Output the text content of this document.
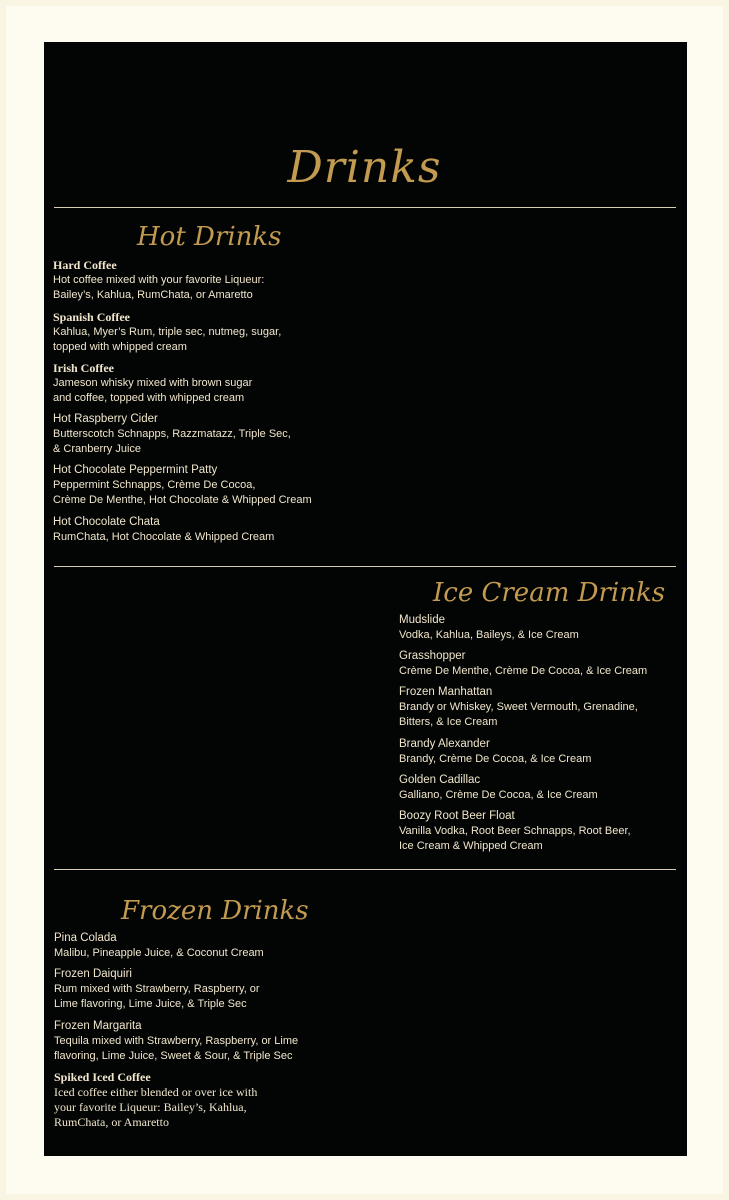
Drinks
Hot Drinks
Hard Coffee
Hot coffee mixed with your favorite Liqueur:
Bailey’s, Kahlua, RumChata, or Amaretto
Spanish Coffee
Kahlua, Myer’s Rum, triple sec, nutmeg, sugar,
topped with whipped cream
Irish Coffee
Jameson whisky mixed with brown sugar
and coffee, topped with whipped cream
Hot Raspberry Cider
Butterscotch Schnapps, Razzmatazz, Triple Sec,
& Cranberry Juice
Hot Chocolate Peppermint Patty
Peppermint Schnapps, Crème De Cocoa,
Crème De Menthe, Hot Chocolate & Whipped Cream
Hot Chocolate Chata
RumChata, Hot Chocolate & Whipped Cream
Ice Cream Drinks
Mudslide
Vodka, Kahlua, Baileys, & Ice Cream
Grasshopper
Crème De Menthe, Crème De Cocoa, & Ice Cream
Frozen Manhattan
Brandy or Whiskey, Sweet Vermouth, Grenadine,
Bitters, & Ice Cream
Brandy Alexander
Brandy, Crème De Cocoa, & Ice Cream
Golden Cadillac
Galliano, Crème De Cocoa, & Ice Cream
Boozy Root Beer Float
Vanilla Vodka, Root Beer Schnapps, Root Beer,
Ice Cream & Whipped Cream
Frozen Drinks
Pina Colada
Malibu, Pineapple Juice, & Coconut Cream
Frozen Daiquiri
Rum mixed with Strawberry, Raspberry, or
Lime flavoring, Lime Juice, & Triple Sec
Frozen Margarita
Tequila mixed with Strawberry, Raspberry, or Lime
flavoring, Lime Juice, Sweet & Sour, & Triple Sec
Spiked Iced Coffee
Iced coffee either blended or over ice with
your favorite Liqueur: Bailey’s, Kahlua,
RumChata, or Amaretto
